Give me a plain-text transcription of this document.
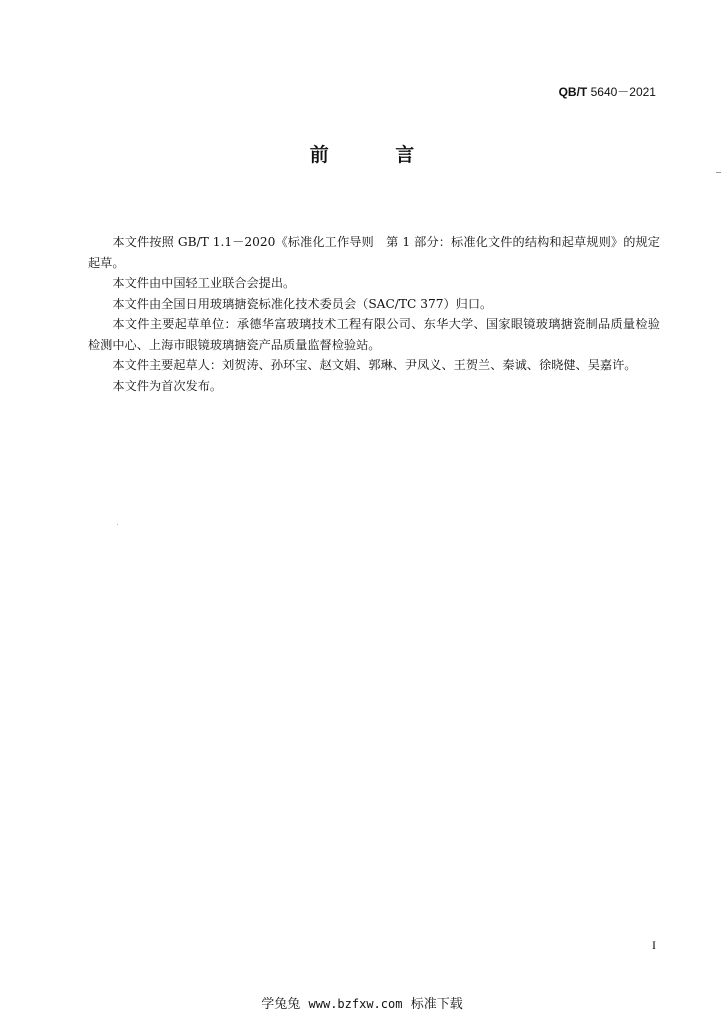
QB/T 5640－2021
前 言

本文件按照 GB/T 1.1－2020《标准化工作导则　第 1 部分：标准化文件的结构和起草规则》的规定起草。

本文件由中国轻工业联合会提出。

本文件由全国日用玻璃搪瓷标准化技术委员会（SAC/TC 377）归口。

本文件主要起草单位：承德华富玻璃技术工程有限公司、东华大学、国家眼镜玻璃搪瓷制品质量检验检测中心、上海市眼镜玻璃搪瓷产品质量监督检验站。

本文件主要起草人：刘贺涛、孙环宝、赵文娟、郭琳、尹凤义、王贺兰、秦诚、徐晓健、吴嘉许。

本文件为首次发布。

I
学兔兔 www.bzfxw.com 标准下载
